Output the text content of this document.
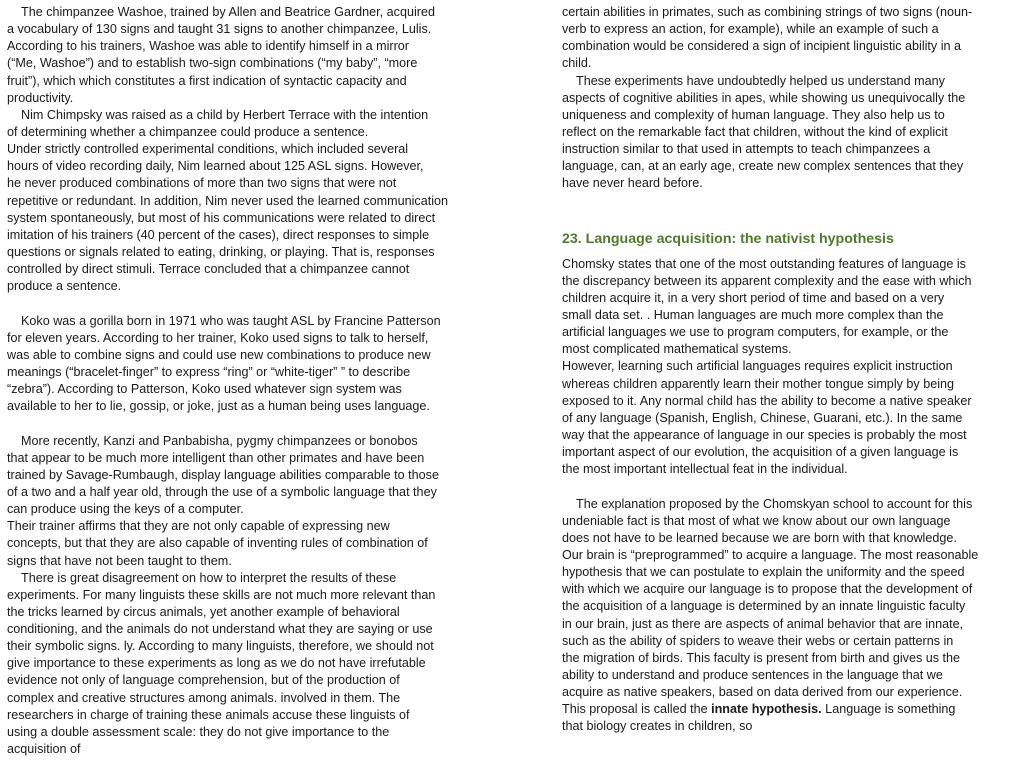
The chimpanzee Washoe, trained by Allen and Beatrice Gardner, acquired
a vocabulary of 130 signs and taught 31 signs to another chimpanzee, Lulis.
According to his trainers, Washoe was able to identify himself in a mirror
(“Me, Washoe”) and to establish two-sign combinations (“my baby”, “more
fruit”), which which constitutes a first indication of syntactic capacity and
productivity.
Nim Chimpsky was raised as a child by Herbert Terrace with the intention
of determining whether a chimpanzee could produce a sentence.
Under strictly controlled experimental conditions, which included several
hours of video recording daily, Nim learned about 125 ASL signs. However,
he never produced combinations of more than two signs that were not
repetitive or redundant. In addition, Nim never used the learned communication
system spontaneously, but most of his communications were related to direct
imitation of his trainers (40 percent of the cases), direct responses to simple
questions or signals related to eating, drinking, or playing. That is, responses
controlled by direct stimuli. Terrace concluded that a chimpanzee cannot
produce a sentence.
Koko was a gorilla born in 1971 who was taught ASL by Francine Patterson
for eleven years. According to her trainer, Koko used signs to talk to herself,
was able to combine signs and could use new combinations to produce new
meanings (“bracelet-finger” to express “ring” or “white-tiger” ” to describe
“zebra”). According to Patterson, Koko used whatever sign system was
available to her to lie, gossip, or joke, just as a human being uses language.
More recently, Kanzi and Panbabisha, pygmy chimpanzees or bonobos
that appear to be much more intelligent than other primates and have been
trained by Savage-Rumbaugh, display language abilities comparable to those
of a two and a half year old, through the use of a symbolic language that they
can produce using the keys of a computer.
Their trainer affirms that they are not only capable of expressing new
concepts, but that they are also capable of inventing rules of combination of
signs that have not been taught to them.
There is great disagreement on how to interpret the results of these
experiments. For many linguists these skills are not much more relevant than
the tricks learned by circus animals, yet another example of behavioral
conditioning, and the animals do not understand what they are saying or use
their symbolic signs. ly. According to many linguists, therefore, we should not
give importance to these experiments as long as we do not have irrefutable
evidence not only of language comprehension, but of the production of
complex and creative structures among animals. involved in them. The
researchers in charge of training these animals accuse these linguists of
using a double assessment scale: they do not give importance to the
acquisition of
certain abilities in primates, such as combining strings of two signs (noun-
verb to express an action, for example), while an example of such a
combination would be considered a sign of incipient linguistic ability in a
child.
These experiments have undoubtedly helped us understand many
aspects of cognitive abilities in apes, while showing us unequivocally the
uniqueness and complexity of human language. They also help us to
reflect on the remarkable fact that children, without the kind of explicit
instruction similar to that used in attempts to teach chimpanzees a
language, can, at an early age, create new complex sentences that they
have never heard before.
23. Language acquisition: the nativist hypothesis
Chomsky states that one of the most outstanding features of language is
the discrepancy between its apparent complexity and the ease with which
children acquire it, in a very short period of time and based on a very
small data set. . Human languages are much more complex than the
artificial languages we use to program computers, for example, or the
most complicated mathematical systems.
However, learning such artificial languages requires explicit instruction
whereas children apparently learn their mother tongue simply by being
exposed to it. Any normal child has the ability to become a native speaker
of any language (Spanish, English, Chinese, Guarani, etc.). In the same
way that the appearance of language in our species is probably the most
important aspect of our evolution, the acquisition of a given language is
the most important intellectual feat in the individual.
The explanation proposed by the Chomskyan school to account for this
undeniable fact is that most of what we know about our own language
does not have to be learned because we are born with that knowledge.
Our brain is “preprogrammed” to acquire a language. The most reasonable
hypothesis that we can postulate to explain the uniformity and the speed
with which we acquire our language is to propose that the development of
the acquisition of a language is determined by an innate linguistic faculty
in our brain, just as there are aspects of animal behavior that are innate,
such as the ability of spiders to weave their webs or certain patterns in
the migration of birds. This faculty is present from birth and gives us the
ability to understand and produce sentences in the language that we
acquire as native speakers, based on data derived from our experience.
This proposal is called the innate hypothesis. Language is something
that biology creates in children, so
